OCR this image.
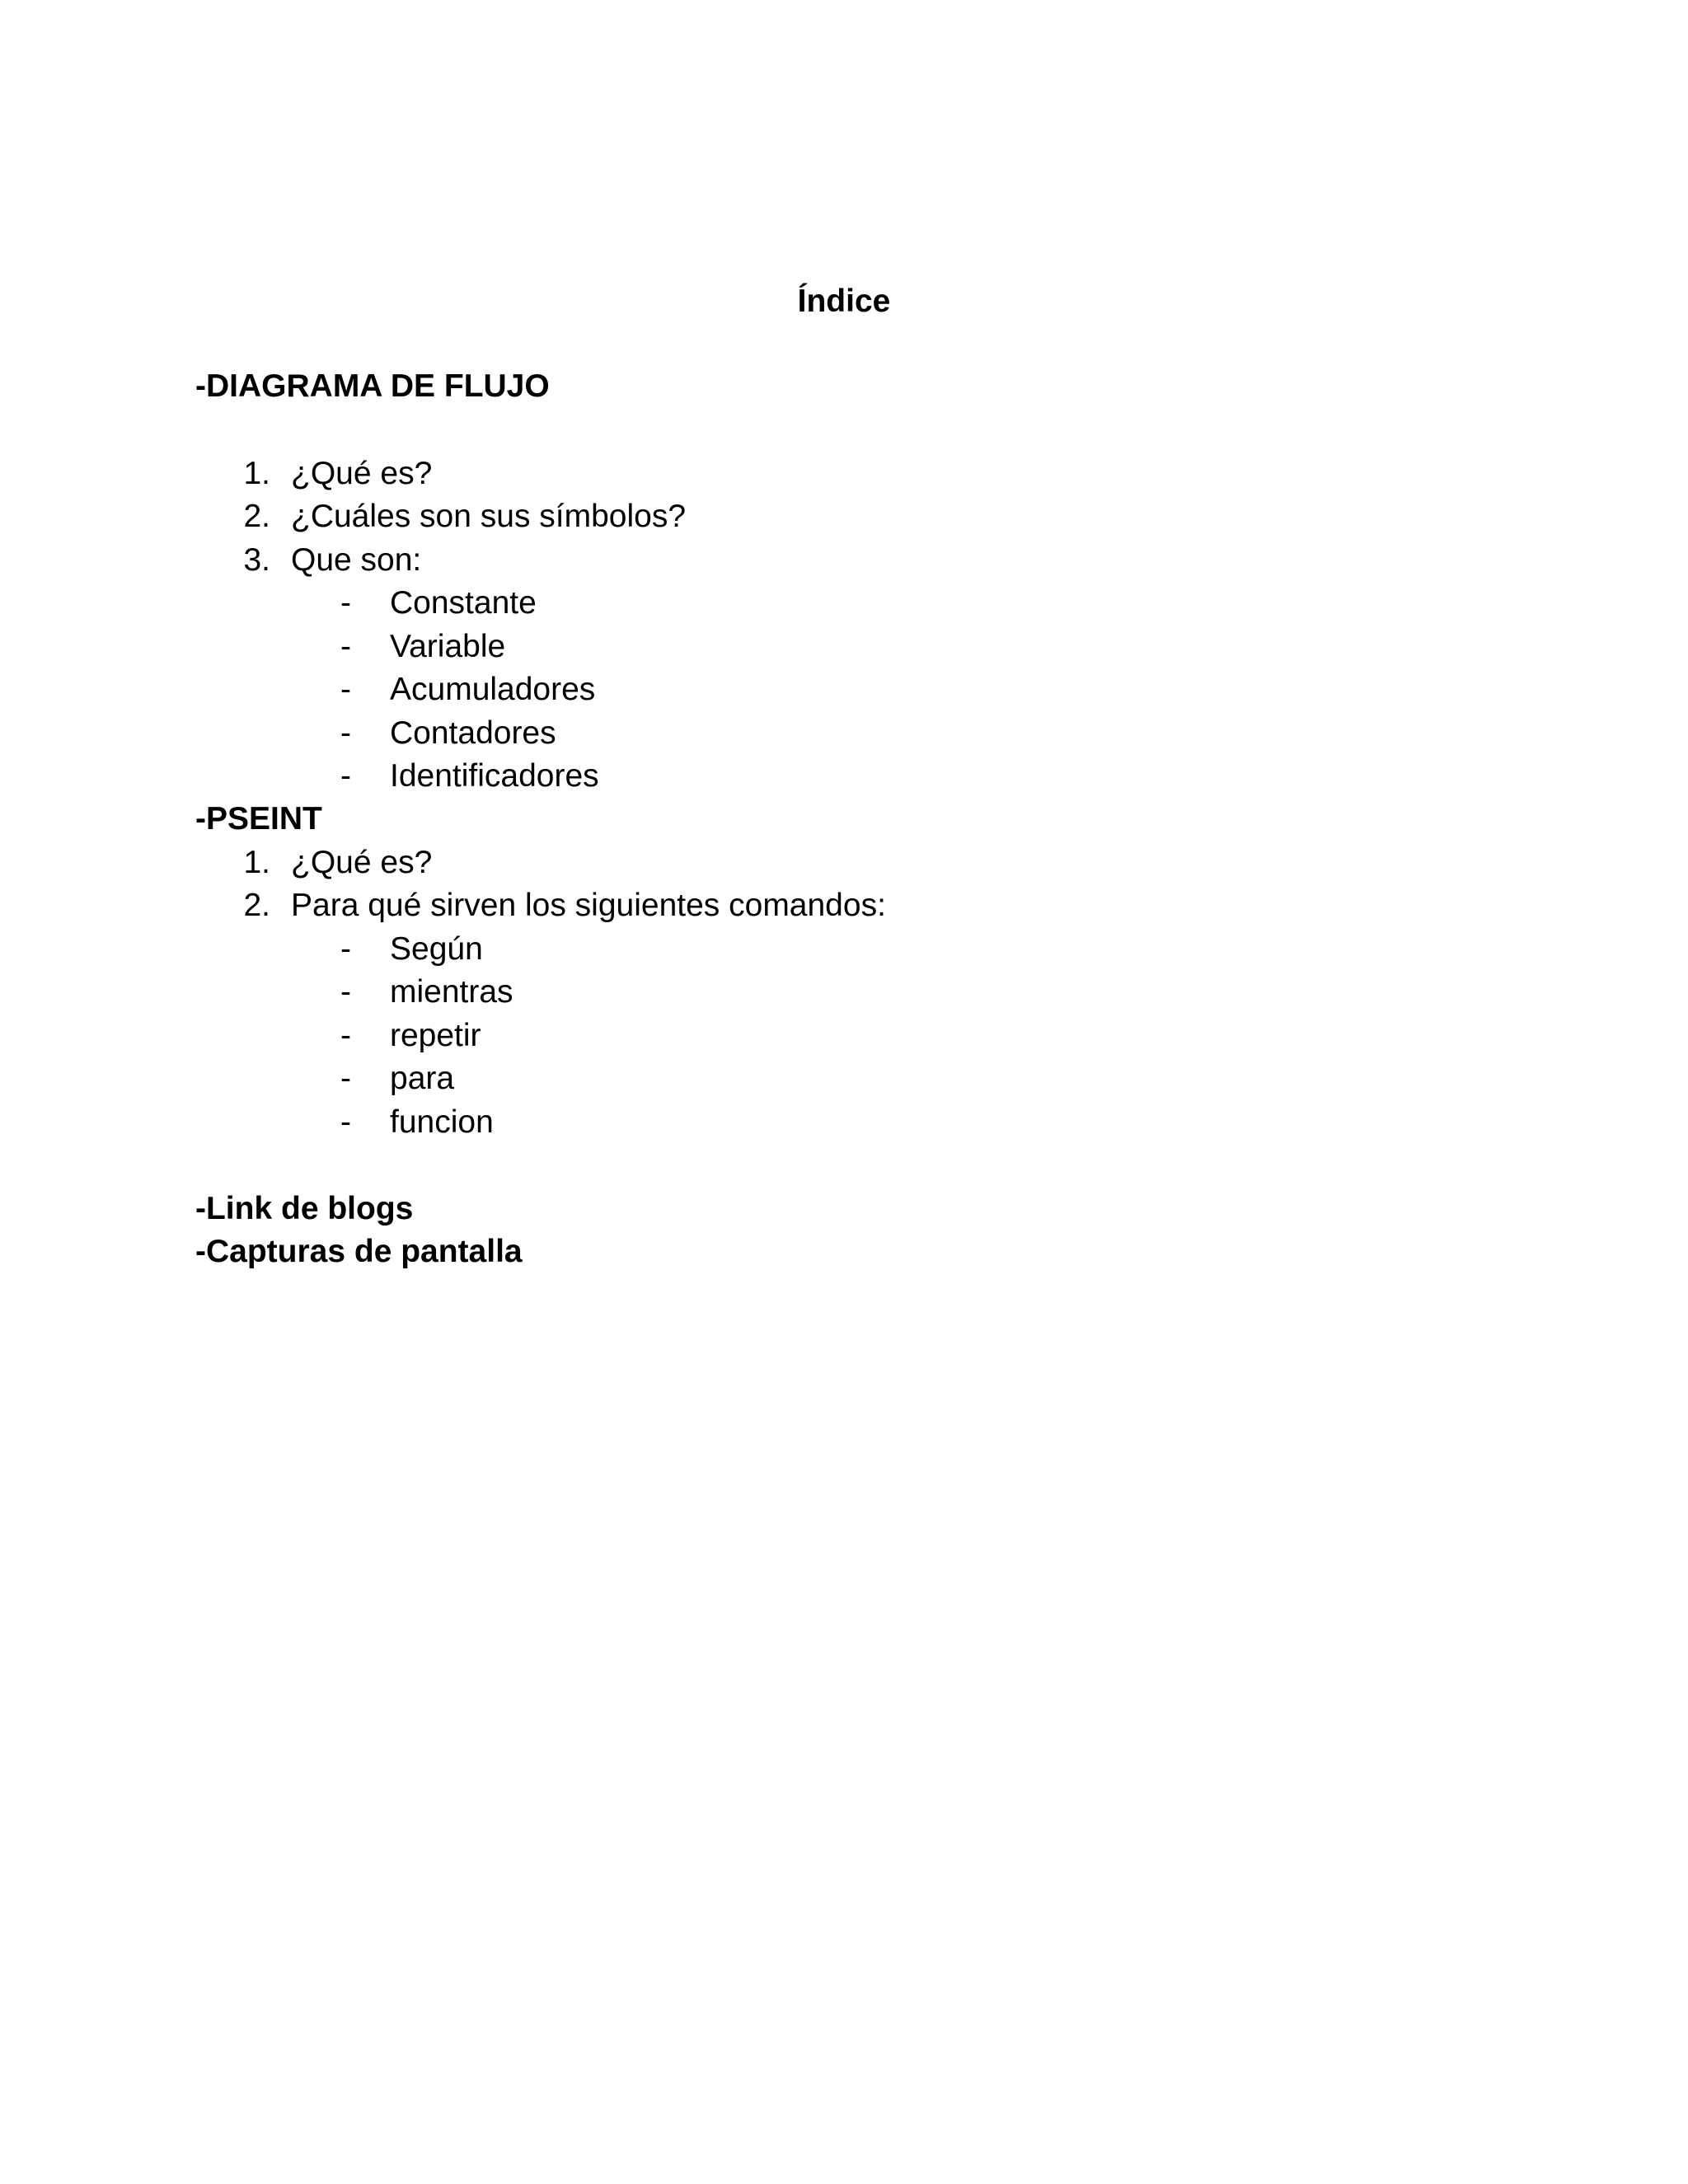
Índice
-DIAGRAMA DE FLUJO
1. ¿Qué es?
2. ¿Cuáles son sus símbolos?
3. Que son:
-	Constante
-	Variable
-	Acumuladores
-	Contadores
-	Identificadores
-PSEINT
1. ¿Qué es?
2. Para qué sirven los siguientes comandos:
-	Según
-	mientras
-	repetir
-	para
-	funcion
-Link de blogs
-Capturas de pantalla
